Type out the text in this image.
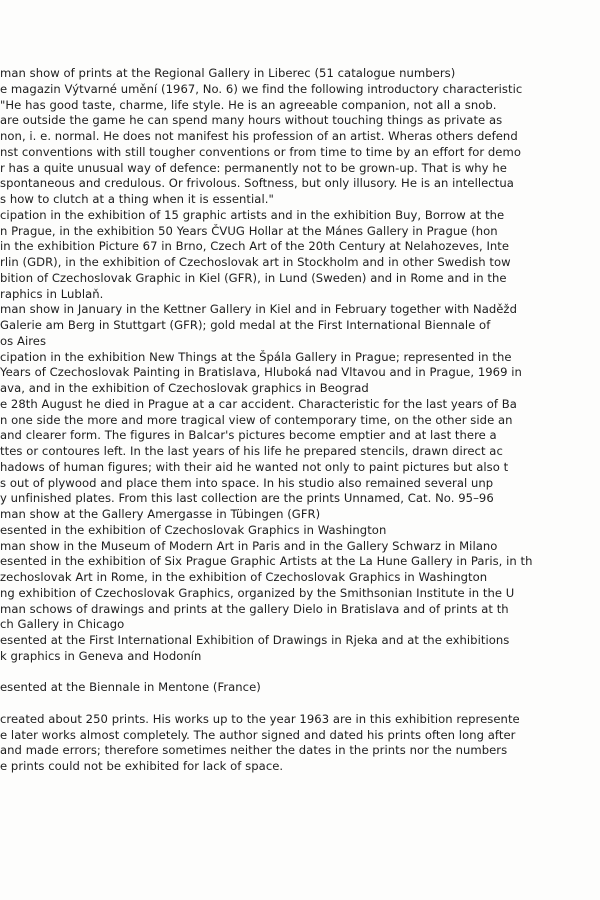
man show of prints at the Regional Gallery in Liberec (51 catalogue numbers)
e magazin Výtvarné umění (1967, No. 6) we find the following introductory characteristic
"He has good taste, charme, life style. He is an agreeable companion, not all a snob.
are outside the game he can spend many hours without touching things as private as
non, i. e. normal. He does not manifest his profession of an artist. Wheras others defend
nst conventions with still tougher conventions or from time to time by an effort for demo
r has a quite unusual way of defence: permanently not to be grown-up. That is why he
spontaneous and credulous. Or frivolous. Softness, but only illusory. He is an intellectua
s how to clutch at a thing when it is essential."
cipation in the exhibition of 15 graphic artists and in the exhibition Buy, Borrow at the
n Prague, in the exhibition 50 Years ČVUG Hollar at the Mánes Gallery in Prague (hon
in the exhibition Picture 67 in Brno, Czech Art of the 20th Century at Nelahozeves, Inte
rlin (GDR), in the exhibition of Czechoslovak art in Stockholm and in other Swedish tow
bition of Czechoslovak Graphic in Kiel (GFR), in Lund (Sweden) and in Rome and in the
raphics in Lublaň.
man show in January in the Kettner Gallery in Kiel and in February together with Naděžd
Galerie am Berg in Stuttgart (GFR); gold medal at the First International Biennale of
os Aires
cipation in the exhibition New Things at the Špála Gallery in Prague; represented in the
Years of Czechoslovak Painting in Bratislava, Hluboká nad Vltavou and in Prague, 1969 in
ava, and in the exhibition of Czechoslovak graphics in Beograd
e 28th August he died in Prague at a car accident. Characteristic for the last years of Ba
n one side the more and more tragical view of contemporary time, on the other side an
and clearer form. The figures in Balcar's pictures become emptier and at last there a
ttes or contoures left. In the last years of his life he prepared stencils, drawn direct ac
hadows of human figures; with their aid he wanted not only to paint pictures but also t
s out of plywood and place them into space. In his studio also remained several unp
y unfinished plates. From this last collection are the prints Unnamed, Cat. No. 95–96
man show at the Gallery Amergasse in Tübingen (GFR)
esented in the exhibition of Czechoslovak Graphics in Washington
man show in the Museum of Modern Art in Paris and in the Gallery Schwarz in Milano
esented in the exhibition of Six Prague Graphic Artists at the La Hune Gallery in Paris, in th
zechoslovak Art in Rome, in the exhibition of Czechoslovak Graphics in Washington
ng exhibition of Czechoslovak Graphics, organized by the Smithsonian Institute in the U
man schows of drawings and prints at the gallery Dielo in Bratislava and of prints at th
ch Gallery in Chicago
esented at the First International Exhibition of Drawings in Rjeka and at the exhibitions
k graphics in Geneva and Hodonín
esented at the Biennale in Mentone (France)
created about 250 prints. His works up to the year 1963 are in this exhibition represente
e later works almost completely. The author signed and dated his prints often long after
and made errors; therefore sometimes neither the dates in the prints nor the numbers
e prints could not be exhibited for lack of space.
